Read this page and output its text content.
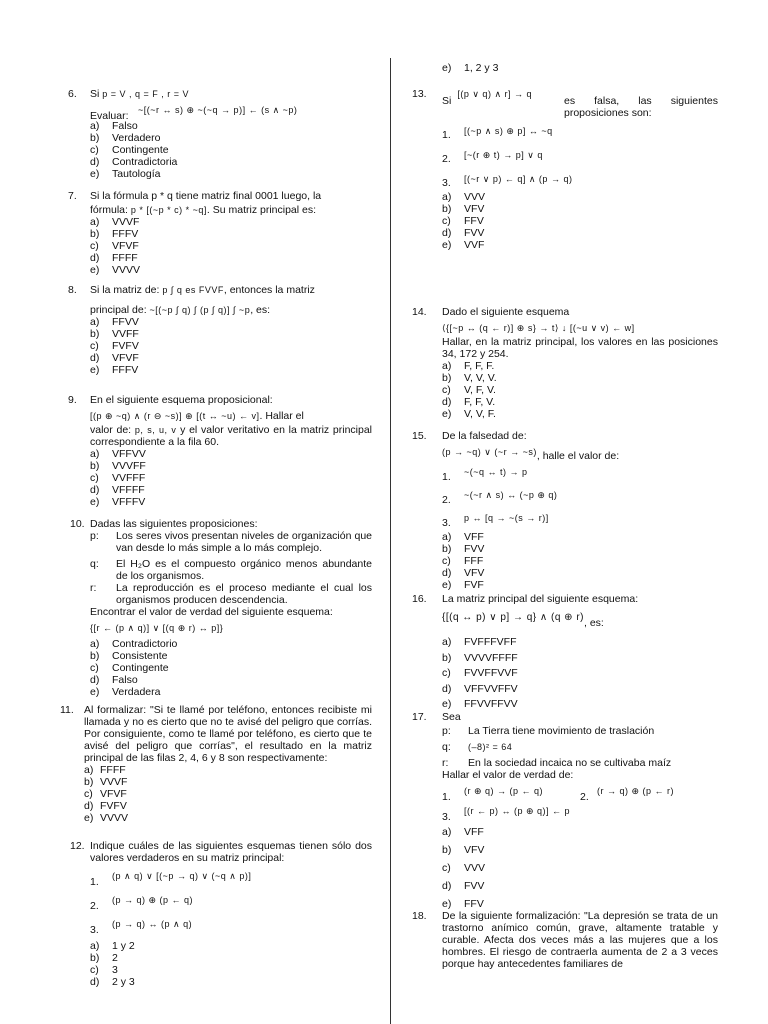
6. Si p = V , q = F , r = V
Evaluar: ~[(~r ↔ s) ⊕ ~(~q → p)] ← (s ∧ ~p)
a)	Falso
b)	Verdadero
c)	Contingente
d)	Contradictoria
e)	Tautología
7. Si la fórmula p * q tiene matriz final 0001 luego, la
fórmula: p * [(~p * c) * ~q]. Su matriz principal es:
a)	VVVF
b)	FFFV
c)	VFVF
d)	FFFF
e)	VVVV
8. Si la matriz de: p ∫ q es FVVF, entonces la matriz
principal de: ~[(~p ∫ q) ∫ (p ∫ q)] ∫ ~p, es:
a)	FFVV
b)	VVFF
c)	FVFV
d)	VFVF
e)	FFFV
9. En el siguiente esquema proposicional:
[(p ⊕ ~q) ∧ (r ⊖ ~s)] ⊕ [(t ↔ ~u) ← v]. Hallar el
valor de: p, s, u, v y el valor veritativo en la matriz principal correspondiente a la fila 60.
a)	VFFVV
b)	VVVFF
c)	VVFFF
d)	VFFFF
e)	VFFFV
10. Dadas las siguientes proposiciones:
p:	Los seres vivos presentan niveles de organización que van desde lo más simple a lo más complejo.
q:	El H₂O es el compuesto orgánico menos abundante de los organismos.
r:	La reproducción es el proceso mediante el cual los organismos producen descendencia.
Encontrar el valor de verdad del siguiente esquema:
{[r ← (p ∧ q)] ∨ [(q ⊕ r) ↔ p]}
a)	Contradictorio
b)	Consistente
c)	Contingente
d)	Falso
e)	Verdadera
11. Al formalizar: "Si te llamé por teléfono, entonces recibiste mi llamada y no es cierto que no te avisé del peligro que corrías. Por consiguiente, como te llamé por teléfono, es cierto que te avisé del peligro que corrías", el resultado en la matriz principal de las filas 2, 4, 6 y 8 son respectivamente:
a) FFFF
b) VVVF
c) VFVF
d) FVFV
e) VVVV
12. Indique cuáles de las siguientes esquemas tienen sólo dos valores verdaderos en su matriz principal:
1. (p ∧ q) ∨ [(~p → q) ∨ (~q ∧ p)]
2. (p → q) ⊕ (p ← q)
3. (p → q) ↔ (p ∧ q)
a)	1 y 2
b)	2
c)	3
d)	2 y 3
e)	1, 2 y 3
13.
Si
[(p ∨ q) ∧ r] → q
es falsa, las siguientes proposiciones son:
1. [(~p ∧ s) ⊕ p] ↔ ~q
2. [~(r ⊕ t) → p] ∨ q
3. [(~r ∨ p) ← q] ∧ (p → q)
a)	VVV
b)	VFV
c)	FFV
d)	FVV
e)	VVF
14. Dado el siguiente esquema
⟨{[~p ↔ (q ← r)] ⊕ s} → t⟩ ↓ [(~u ∨ v) ← w]
Hallar, en la matriz principal, los valores en las posiciones 34, 172 y 254.
a)	F, F, F.
b)	V, V, V.
c)	V, F, V.
d)	F, F, V.
e)	V, V, F.
15. De la falsedad de:
(p → ~q) ∨ (~r → ~s), halle el valor de:
1. ~(~q ↔ t) → p
2. ~(~r ∧ s) ↔ (~p ⊕ q)
3. p ↔ [q → ~(s → r)]
a)	VFF
b)	FVV
c)	FFF
d)	VFV
e)	FVF
16. La matriz principal del siguiente esquema:
{[(q ↔ p) ∨ p] → q} ∧ (q ⊕ r), es:
a)	FVFFFVFF
b)	VVVVFFFF
c)	FVVFFVVF
d)	VFFVVFFV
e)	FFVVFFVV
17. Sea
p:	La Tierra tiene movimiento de traslación
q:	(–8)² = 64
r:	En la sociedad incaica no se cultivaba maíz
Hallar el valor de verdad de:
1. (r ⊕ q) → (p ← q)	2. (r → q) ⊕ (p ← r)
3. [(r ← p) ↔ (p ⊕ q)] ← p
a)	VFF
b)	VFV
c)	VVV
d)	FVV
e)	FFV
18. De la siguiente formalización: "La depresión se trata de un trastorno anímico común, grave, altamente tratable y curable. Afecta dos veces más a las mujeres que a los hombres. El riesgo de contraerla aumenta de 2 a 3 veces porque hay antecedentes familiares de
